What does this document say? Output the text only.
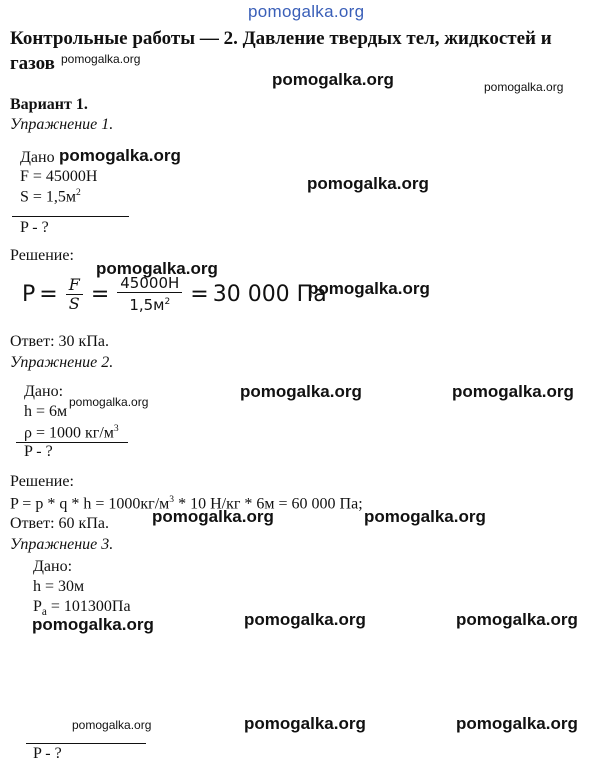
pomogalka.org
Контрольные работы — 2. Давление твердых тел, жидкостей и
газов
Вариант 1.
Упражнение 1.
Дано
F = 45000Н
$S = 1,5м^2$
P - ?
Решение:
$P = \frac{F}{S} = \frac{45000Н}{1,5м^2} = 30$ 000 Па
Ответ: 30 кПа.
Упражнение 2.
Дано:
h = 6м
ρ = 1000 $кг/м^3$
P - ?
Решение:
$P = p * q * h = 1000кг/м^3 * 10$ Н/кг * 6м = 60 000 Па;
Ответ: 60 кПа.
Упражнение 3.
Дано:
h = 30м
$P_а = 101300Па$
P - ?
pomogalka.org
pomogalka.org	pomogalka.org
pomogalka.org
pomogalka.org
pomogalka.org
pomogalka.org
pomogalka.org	pomogalka.org
pomogalka.org
pomogalka.org	pomogalka.org
pomogalka.org	pomogalka.org	pomogalka.org
pomogalka.org	pomogalka.org	pomogalka.org
